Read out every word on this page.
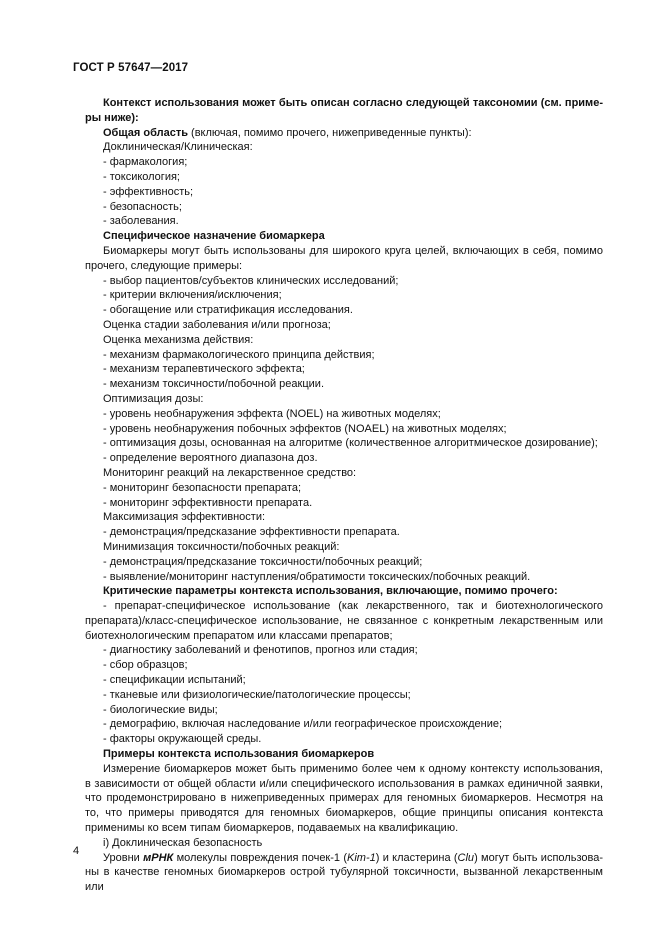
ГОСТ Р 57647—2017

Контекст использования может быть описан согласно следующей таксономии (см. примеры ниже):

Общая область (включая, помимо прочего, нижеприведенные пункты):

Доклиническая/Клиническая:

- фармакология;

- токсикология;

- эффективность;

- безопасность;

- заболевания.

Специфическое назначение биомаркера

Биомаркеры могут быть использованы для широкого круга целей, включающих в себя, помимо прочего, следующие примеры:

- выбор пациентов/субъектов клинических исследований;

- критерии включения/исключения;

- обогащение или стратификация исследования.

Оценка стадии заболевания и/или прогноза;

Оценка механизма действия:

- механизм фармакологического принципа действия;

- механизм терапевтического эффекта;

- механизм токсичности/побочной реакции.

Оптимизация дозы:

- уровень необнаружения эффекта (NOEL) на животных моделях;

- уровень необнаружения побочных эффектов (NOAEL) на животных моделях;

- оптимизация дозы, основанная на алгоритме (количественное алгоритмическое дозирование);

- определение вероятного диапазона доз.

Мониторинг реакций на лекарственное средство:

- мониторинг безопасности препарата;

- мониторинг эффективности препарата.

Максимизация эффективности:

- демонстрация/предсказание эффективности препарата.

Минимизация токсичности/побочных реакций:

- демонстрация/предсказание токсичности/побочных реакций;

- выявление/мониторинг наступления/обратимости токсических/побочных реакций.

Критические параметры контекста использования, включающие, помимо прочего:

- препарат-специфическое использование (как лекарственного, так и биотехнологического препарата)/класс-специфическое использование, не связанное с конкретным лекарственным или биотехнологическим препаратом или классами препаратов;

- диагностику заболеваний и фенотипов, прогноз или стадия;

- сбор образцов;

- спецификации испытаний;

- тканевые или физиологические/патологические процессы;

- биологические виды;

- демографию, включая наследование и/или географическое происхождение;

- факторы окружающей среды.

Примеры контекста использования биомаркеров

Измерение биомаркеров может быть применимо более чем к одному контексту использования, в зависимости от общей области и/или специфического использования в рамках единичной заявки, что продемонстрировано в нижеприведенных примерах для геномных биомаркеров. Несмотря на то, что примеры приводятся для геномных биомаркеров, общие принципы описания контекста применимы ко всем типам биомаркеров, подаваемых на квалификацию.

i) Доклиническая безопасность

Уровни мРНК молекулы повреждения почек-1 (Kim-1) и кластерина (Clu) могут быть использованы в качестве геномных биомаркеров острой тубулярной токсичности, вызванной лекарственным или

4
